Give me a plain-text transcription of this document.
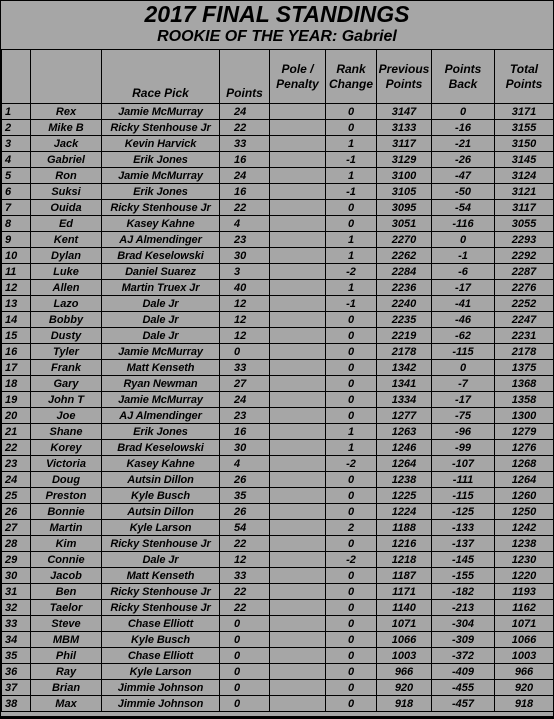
2017 FINAL STANDINGS
ROOKIE OF THE YEAR: Gabriel
		Race Pick	Points	Pole / Penalty	Rank Change	Previous Points	Points Back	Total Points
1	Rex	Jamie McMurray	24		0	3147	0	3171
2	Mike B	Ricky Stenhouse Jr	22		0	3133	-16	3155
3	Jack	Kevin Harvick	33		1	3117	-21	3150
4	Gabriel	Erik Jones	16		-1	3129	-26	3145
5	Ron	Jamie McMurray	24		1	3100	-47	3124
6	Suksi	Erik Jones	16		-1	3105	-50	3121
7	Ouida	Ricky Stenhouse Jr	22		0	3095	-54	3117
8	Ed	Kasey Kahne	4		0	3051	-116	3055
9	Kent	AJ Almendinger	23		1	2270	0	2293
10	Dylan	Brad Keselowski	30		1	2262	-1	2292
11	Luke	Daniel Suarez	3		-2	2284	-6	2287
12	Allen	Martin Truex Jr	40		1	2236	-17	2276
13	Lazo	Dale Jr	12		-1	2240	-41	2252
14	Bobby	Dale Jr	12		0	2235	-46	2247
15	Dusty	Dale Jr	12		0	2219	-62	2231
16	Tyler	Jamie McMurray	0		0	2178	-115	2178
17	Frank	Matt Kenseth	33		0	1342	0	1375
18	Gary	Ryan Newman	27		0	1341	-7	1368
19	John T	Jamie McMurray	24		0	1334	-17	1358
20	Joe	AJ Almendinger	23		0	1277	-75	1300
21	Shane	Erik Jones	16		1	1263	-96	1279
22	Korey	Brad Keselowski	30		1	1246	-99	1276
23	Victoria	Kasey Kahne	4		-2	1264	-107	1268
24	Doug	Autsin Dillon	26		0	1238	-111	1264
25	Preston	Kyle Busch	35		0	1225	-115	1260
26	Bonnie	Autsin Dillon	26		0	1224	-125	1250
27	Martin	Kyle Larson	54		2	1188	-133	1242
28	Kim	Ricky Stenhouse Jr	22		0	1216	-137	1238
29	Connie	Dale Jr	12		-2	1218	-145	1230
30	Jacob	Matt Kenseth	33		0	1187	-155	1220
31	Ben	Ricky Stenhouse Jr	22		0	1171	-182	1193
32	Taelor	Ricky Stenhouse Jr	22		0	1140	-213	1162
33	Steve	Chase Elliott	0		0	1071	-304	1071
34	MBM	Kyle Busch	0		0	1066	-309	1066
35	Phil	Chase Elliott	0		0	1003	-372	1003
36	Ray	Kyle Larson	0		0	966	-409	966
37	Brian	Jimmie Johnson	0		0	920	-455	920
38	Max	Jimmie Johnson	0		0	918	-457	918
